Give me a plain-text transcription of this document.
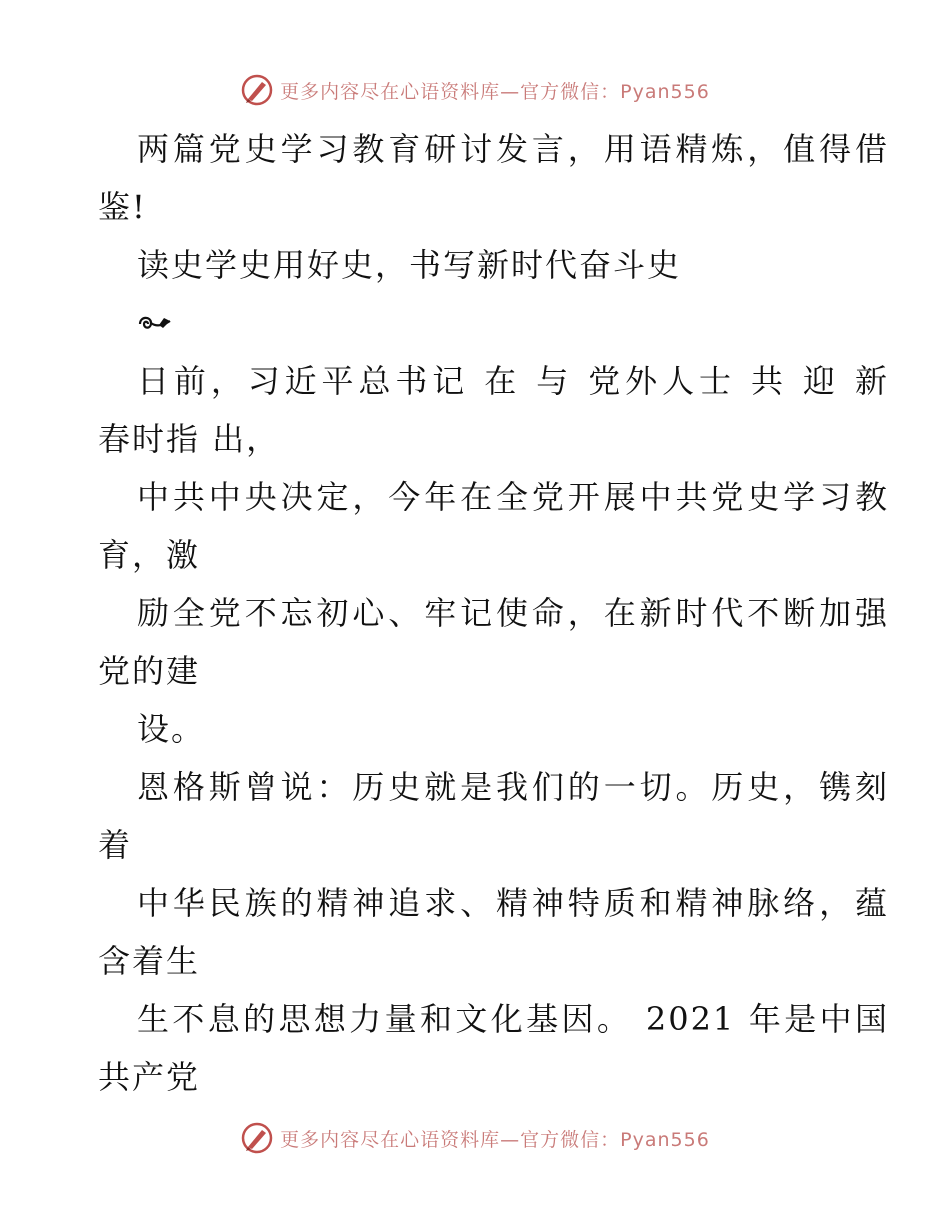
更多内容尽在心语资料库—官方微信：Pyan556
两篇党史学习教育研讨发言，用语精炼，值得借
鉴!
读史学史用好史，书写新时代奋斗史
日前，习近平总书记 在 与 党外人士 共 迎 新
春时指 出，
中共中央决定，今年在全党开展中共党史学习教
育，激
励全党不忘初心、牢记使命，在新时代不断加强
党的建
设。
恩格斯曾说：历史就是我们的一切。历史，镌刻
着
中华民族的精神追求、精神特质和精神脉络，蕴
含着生
生不息的思想力量和文化基因。 2021 年是中国
共产党
更多内容尽在心语资料库—官方微信：Pyan556
